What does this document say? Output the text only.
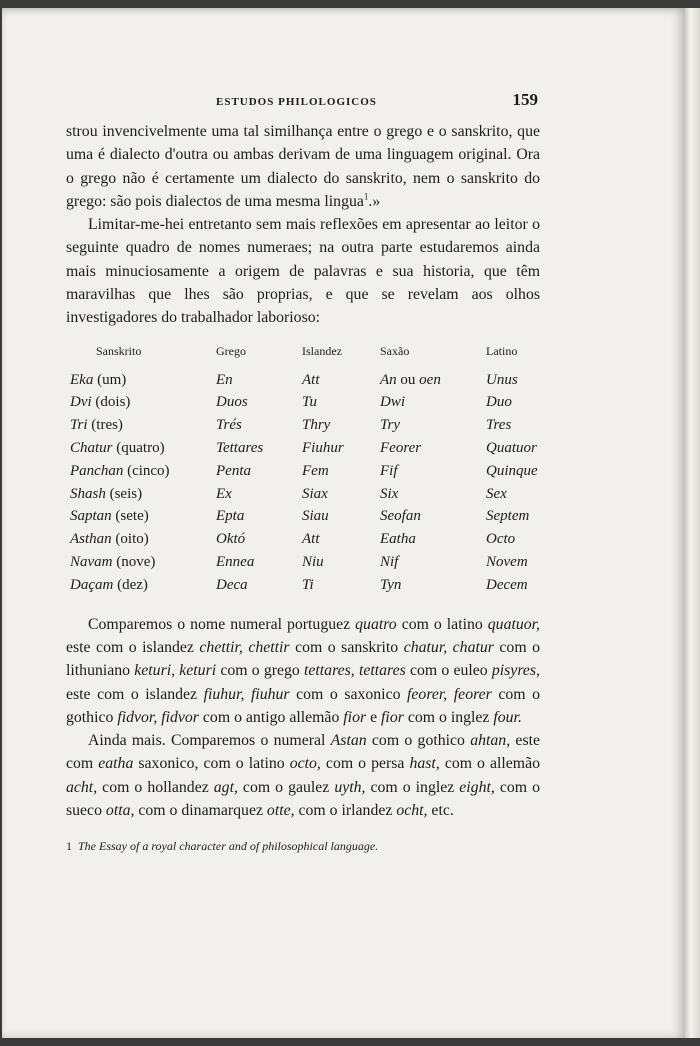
ESTUDOS PHILOLOGICOS	159

strou invencivelmente uma tal similhança entre o grego e o sanskrito, que uma é dialecto d'outra ou ambas derivam de uma linguagem original. Ora o grego não é certamente um dialecto do sanskrito, nem o sanskrito do grego: são pois dialectos de uma mesma lingua$^1$.»

Limitar-me-hei entretanto sem mais reflexões em apresentar ao leitor o seguinte quadro de nomes numeraes; na outra parte estudaremos ainda mais minuciosamente a origem de palavras e sua historia, que têm maravilhas que lhes são proprias, e que se revelam aos olhos investigadores do trabalhador laborioso:

Sanskrito	Grego	Islandez	Saxão	Latino
Eka (um)	En	Att	An ou oen	Unus
Dvi (dois)	Duos	Tu	Dwi	Duo
Tri (tres)	Trés	Thry	Try	Tres
Chatur (quatro)	Tettares	Fiuhur	Feorer	Quatuor
Panchan (cinco)	Penta	Fem	Fif	Quinque
Shash (seis)	Ex	Siax	Six	Sex
Saptan (sete)	Epta	Siau	Seofan	Septem
Asthan (oito)	Októ	Att	Eatha	Octo
Navam (nove)	Ennea	Niu	Nif	Novem
Daçam (dez)	Deca	Ti	Tyn	Decem

Comparemos o nome numeral portuguez quatro com o latino quatuor, este com o islandez chettir, chettir com o sanskrito chatur, chatur com o lithuniano keturi, keturi com o grego tettares, tettares com o euleo pisyres, este com o islandez fiuhur, fiuhur com o saxonico feorer, feorer com o gothico fidvor, fidvor com o antigo allemão fior e fior com o inglez four.

Ainda mais. Comparemos o numeral Astan com o gothico ahtan, este com eatha saxonico, com o latino octo, com o persa hast, com o allemão acht, com o hollandez agt, com o gaulez uyth, com o inglez eight, com o sueco otta, com o dinamarquez otte, com o irlandez ocht, etc.

1 The Essay of a royal character and of philosophical language.
